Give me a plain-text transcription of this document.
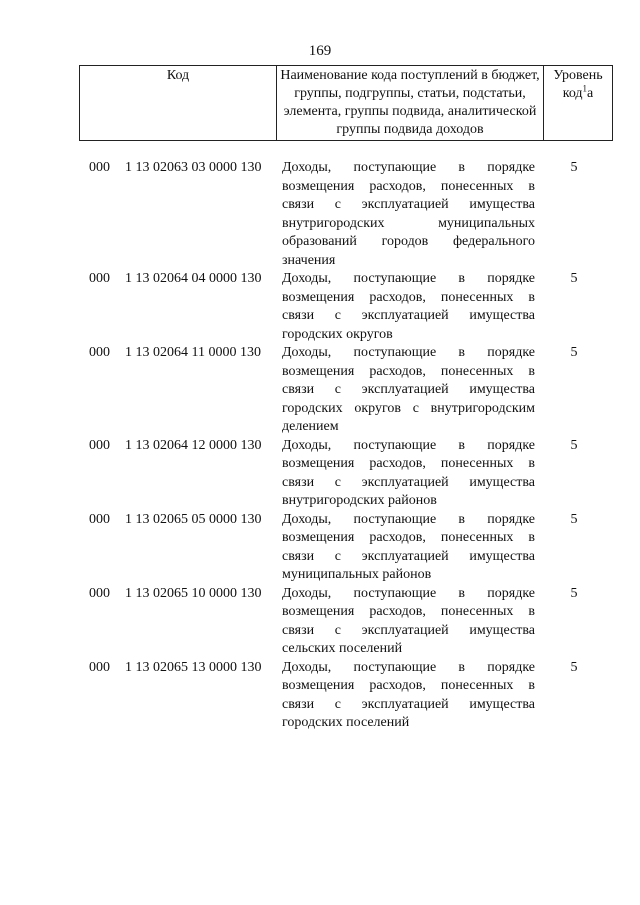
169
Код	Наименование кода поступлений в бюджет, группы, подгруппы, статьи, подстатьи, элемента, группы подвида, аналитической группы подвида доходов	Уровень код$^1$а
000 1 13 02063 03 0000 130 Доходы, поступающие в порядке возмещения расходов, понесенных в связи с эксплуатацией имущества внутригородских муниципальных образований городов федерального значения
5
000 1 13 02064 04 0000 130 Доходы, поступающие в порядке возмещения расходов, понесенных в связи с эксплуатацией имущества городских округов
5
000 1 13 02064 11 0000 130 Доходы, поступающие в порядке возмещения расходов, понесенных в связи с эксплуатацией имущества городских округов с внутригородским делением
5
000 1 13 02064 12 0000 130 Доходы, поступающие в порядке возмещения расходов, понесенных в связи с эксплуатацией имущества внутригородских районов
5
000 1 13 02065 05 0000 130 Доходы, поступающие в порядке возмещения расходов, понесенных в связи с эксплуатацией имущества муниципальных районов
5
000 1 13 02065 10 0000 130 Доходы, поступающие в порядке возмещения расходов, понесенных в связи с эксплуатацией имущества сельских поселений
5
000 1 13 02065 13 0000 130 Доходы, поступающие в порядке возмещения расходов, понесенных в связи с эксплуатацией имущества городских поселений
5
